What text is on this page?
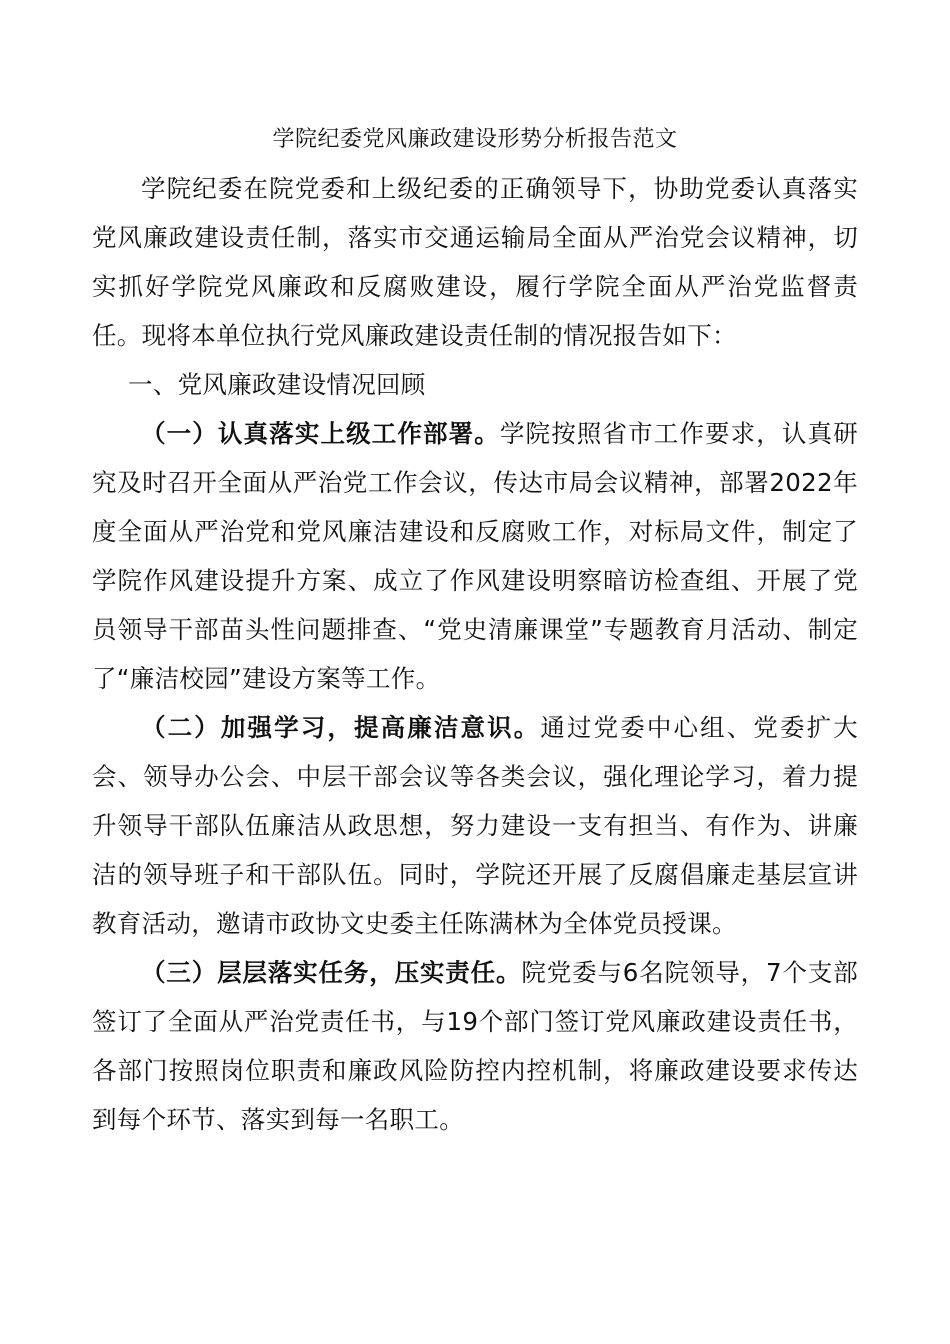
学院纪委党风廉政建设形势分析报告范文

学院纪委在院党委和上级纪委的正确领导下，协助党委认真落实党风廉政建设责任制，落实市交通运输局全面从严治党会议精神，切实抓好学院党风廉政和反腐败建设，履行学院全面从严治党监督责任。现将本单位执行党风廉政建设责任制的情况报告如下：

一、党风廉政建设情况回顾

（一）认真落实上级工作部署。学院按照省市工作要求，认真研究及时召开全面从严治党工作会议，传达市局会议精神，部署2022年度全面从严治党和党风廉洁建设和反腐败工作，对标局文件，制定了学院作风建设提升方案、成立了作风建设明察暗访检查组、开展了党员领导干部苗头性问题排查、“党史清廉课堂”专题教育月活动、制定了“廉洁校园”建设方案等工作。

（二）加强学习，提高廉洁意识。通过党委中心组、党委扩大会、领导办公会、中层干部会议等各类会议，强化理论学习，着力提升领导干部队伍廉洁从政思想，努力建设一支有担当、有作为、讲廉洁的领导班子和干部队伍。同时，学院还开展了反腐倡廉走基层宣讲教育活动，邀请市政协文史委主任陈满林为全体党员授课。

（三）层层落实任务，压实责任。院党委与6名院领导，7个支部签订了全面从严治党责任书，与19个部门签订党风廉政建设责任书，各部门按照岗位职责和廉政风险防控内控机制，将廉政建设要求传达到每个环节、落实到每一名职工。
